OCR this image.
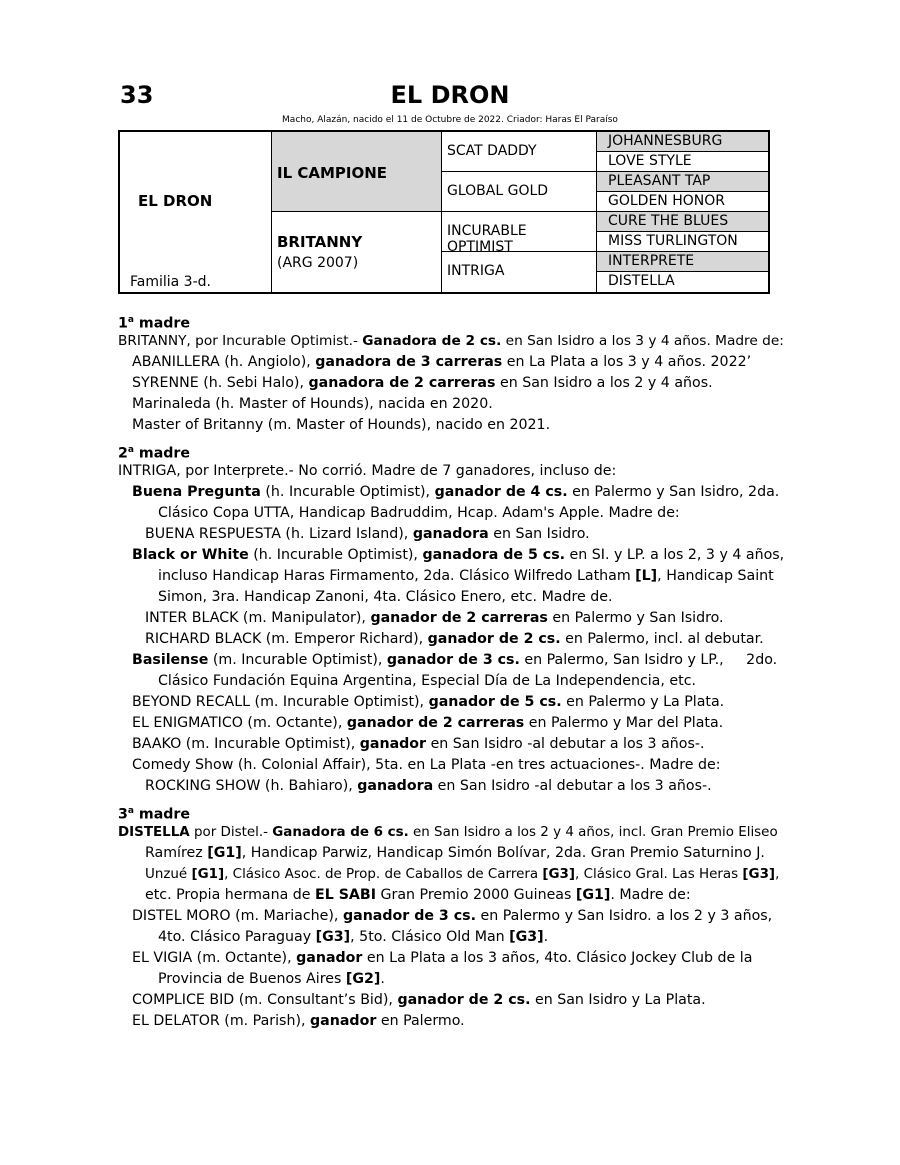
33	EL DRON
Macho, Alazán, nacido el 11 de Octubre de 2022. Criador: Haras El Paraíso
EL DRON
Familia 3-d.
IL CAMPIONE
BRITANNY
(ARG 2007)
SCAT DADDY
GLOBAL GOLD
INCURABLE OPTIMIST
INTRIGA
JOHANNESBURG
LOVE STYLE
PLEASANT TAP
GOLDEN HONOR
CURE THE BLUES
MISS TURLINGTON
INTERPRETE
DISTELLA
1$^a$ madre
BRITANNY, por Incurable Optimist.- Ganadora de 2 cs. en San Isidro a los 3 y 4 años. Madre de:
ABANILLERA (h. Angiolo), ganadora de 3 carreras en La Plata a los 3 y 4 años. 2022’
SYRENNE (h. Sebi Halo), ganadora de 2 carreras en San Isidro a los 2 y 4 años.
Marinaleda (h. Master of Hounds), nacida en 2020.
Master of Britanny (m. Master of Hounds), nacido en 2021.
2$^a$ madre
INTRIGA, por Interprete.- No corrió. Madre de 7 ganadores, incluso de:
Buena Pregunta (h. Incurable Optimist), ganador de 4 cs. en Palermo y San Isidro, 2da.
Clásico Copa UTTA, Handicap Badruddim, Hcap. Adam's Apple. Madre de:
BUENA RESPUESTA (h. Lizard Island), ganadora en San Isidro.
Black or White (h. Incurable Optimist), ganadora de 5 cs. en SI. y LP. a los 2, 3 y 4 años,
incluso Handicap Haras Firmamento, 2da. Clásico Wilfredo Latham [L], Handicap Saint
Simon, 3ra. Handicap Zanoni, 4ta. Clásico Enero, etc. Madre de.
INTER BLACK (m. Manipulator), ganador de 2 carreras en Palermo y San Isidro.
RICHARD BLACK (m. Emperor Richard), ganador de 2 cs. en Palermo, incl. al debutar.
Basilense (m. Incurable Optimist), ganador de 3 cs. en Palermo, San Isidro y LP.,     2do.
Clásico Fundación Equina Argentina, Especial Día de La Independencia, etc.
BEYOND RECALL (m. Incurable Optimist), ganador de 5 cs. en Palermo y La Plata.
EL ENIGMATICO (m. Octante), ganador de 2 carreras en Palermo y Mar del Plata.
BAAKO (m. Incurable Optimist), ganador en San Isidro -al debutar a los 3 años-.
Comedy Show (h. Colonial Affair), 5ta. en La Plata -en tres actuaciones-. Madre de:
ROCKING SHOW (h. Bahiaro), ganadora en San Isidro -al debutar a los 3 años-.
3$^a$ madre
DISTELLA por Distel.- Ganadora de 6 cs. en San Isidro a los 2 y 4 años, incl. Gran Premio Eliseo
Ramírez [G1], Handicap Parwiz, Handicap Simón Bolívar, 2da. Gran Premio Saturnino J.
Unzué [G1], Clásico Asoc. de Prop. de Caballos de Carrera [G3], Clásico Gral. Las Heras [G3],
etc. Propia hermana de EL SABI Gran Premio 2000 Guineas [G1]. Madre de:
DISTEL MORO (m. Mariache), ganador de 3 cs. en Palermo y San Isidro. a los 2 y 3 años,
4to. Clásico Paraguay [G3], 5to. Clásico Old Man [G3].
EL VIGIA (m. Octante), ganador en La Plata a los 3 años, 4to. Clásico Jockey Club de la
Provincia de Buenos Aires [G2].
COMPLICE BID (m. Consultant’s Bid), ganador de 2 cs. en San Isidro y La Plata.
EL DELATOR (m. Parish), ganador en Palermo.
